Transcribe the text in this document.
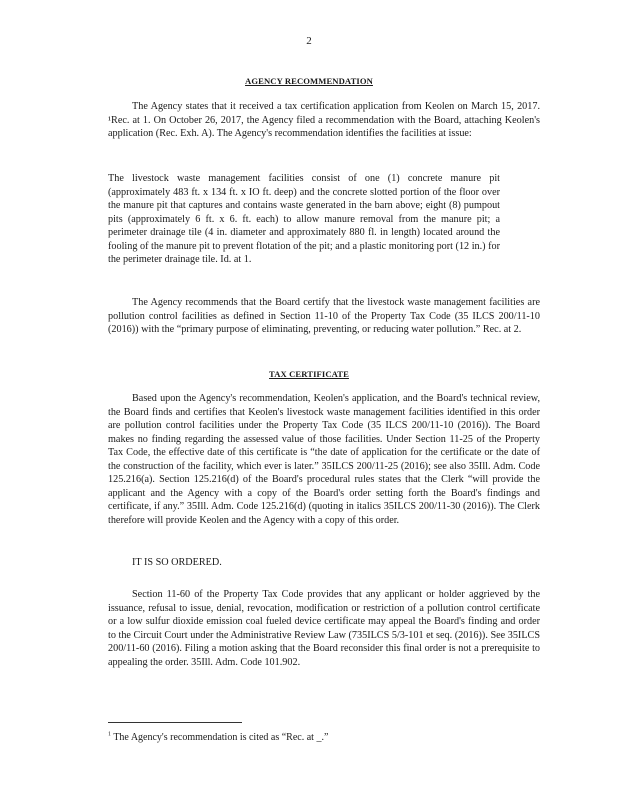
2
AGENCY RECOMMENDATION

The Agency states that it received a tax certification application from Keolen on March 15, 2017. ¹Rec. at 1. On October 26, 2017, the Agency filed a recommendation with the Board, attaching Keolen's application (Rec. Exh. A). The Agency's recommendation identifies the facilities at issue:

The livestock waste management facilities consist of one (1) concrete manure pit (approximately 483 ft. x 134 ft. x IO ft. deep) and the concrete slotted portion of the floor over the manure pit that captures and contains waste generated in the barn above; eight (8) pumpout pits (approximately 6 ft. x 6. ft. each) to allow manure removal from the manure pit; a perimeter drainage tile (4 in. diameter and approximately 880 fl. in length) located around the fooling of the manure pit to prevent flotation of the pit; and a plastic monitoring port (12 in.) for the perimeter drainage tile. Id. at 1.

The Agency recommends that the Board certify that the livestock waste management facilities are pollution control facilities as defined in Section 11-10 of the Property Tax Code (35 ILCS 200/11-10 (2016)) with the “primary purpose of eliminating, preventing, or reducing water pollution.” Rec. at 2.

TAX CERTIFICATE

Based upon the Agency's recommendation, Keolen's application, and the Board's technical review, the Board finds and certifies that Keolen's livestock waste management facilities identified in this order are pollution control facilities under the Property Tax Code (35 ILCS 200/11-10 (2016)). The Board makes no finding regarding the assessed value of those facilities. Under Section 11-25 of the Property Tax Code, the effective date of this certificate is “the date of application for the certificate or the date of the construction of the facility, which ever is later.” 35ILCS 200/11-25 (2016); see also 35Ill. Adm. Code 125.216(a). Section 125.216(d) of the Board's procedural rules states that the Clerk “will provide the applicant and the Agency with a copy of the Board's order setting forth the Board's findings and certificate, if any.” 35Ill. Adm. Code 125.216(d) (quoting in italics 35ILCS 200/11-30 (2016)). The Clerk therefore will provide Keolen and the Agency with a copy of this order.

IT IS SO ORDERED.

Section 11-60 of the Property Tax Code provides that any applicant or holder aggrieved by the issuance, refusal to issue, denial, revocation, modification or restriction of a pollution control certificate or a low sulfur dioxide emission coal fueled device certificate may appeal the Board's finding and order to the Circuit Court under the Administrative Review Law (735ILCS 5/3-101 et seq. (2016)). See 35ILCS 200/11-60 (2016). Filing a motion asking that the Board reconsider this final order is not a prerequisite to appealing the order. 35Ill. Adm. Code 101.902.

$^1$ The Agency's recommendation is cited as “Rec. at _.”
